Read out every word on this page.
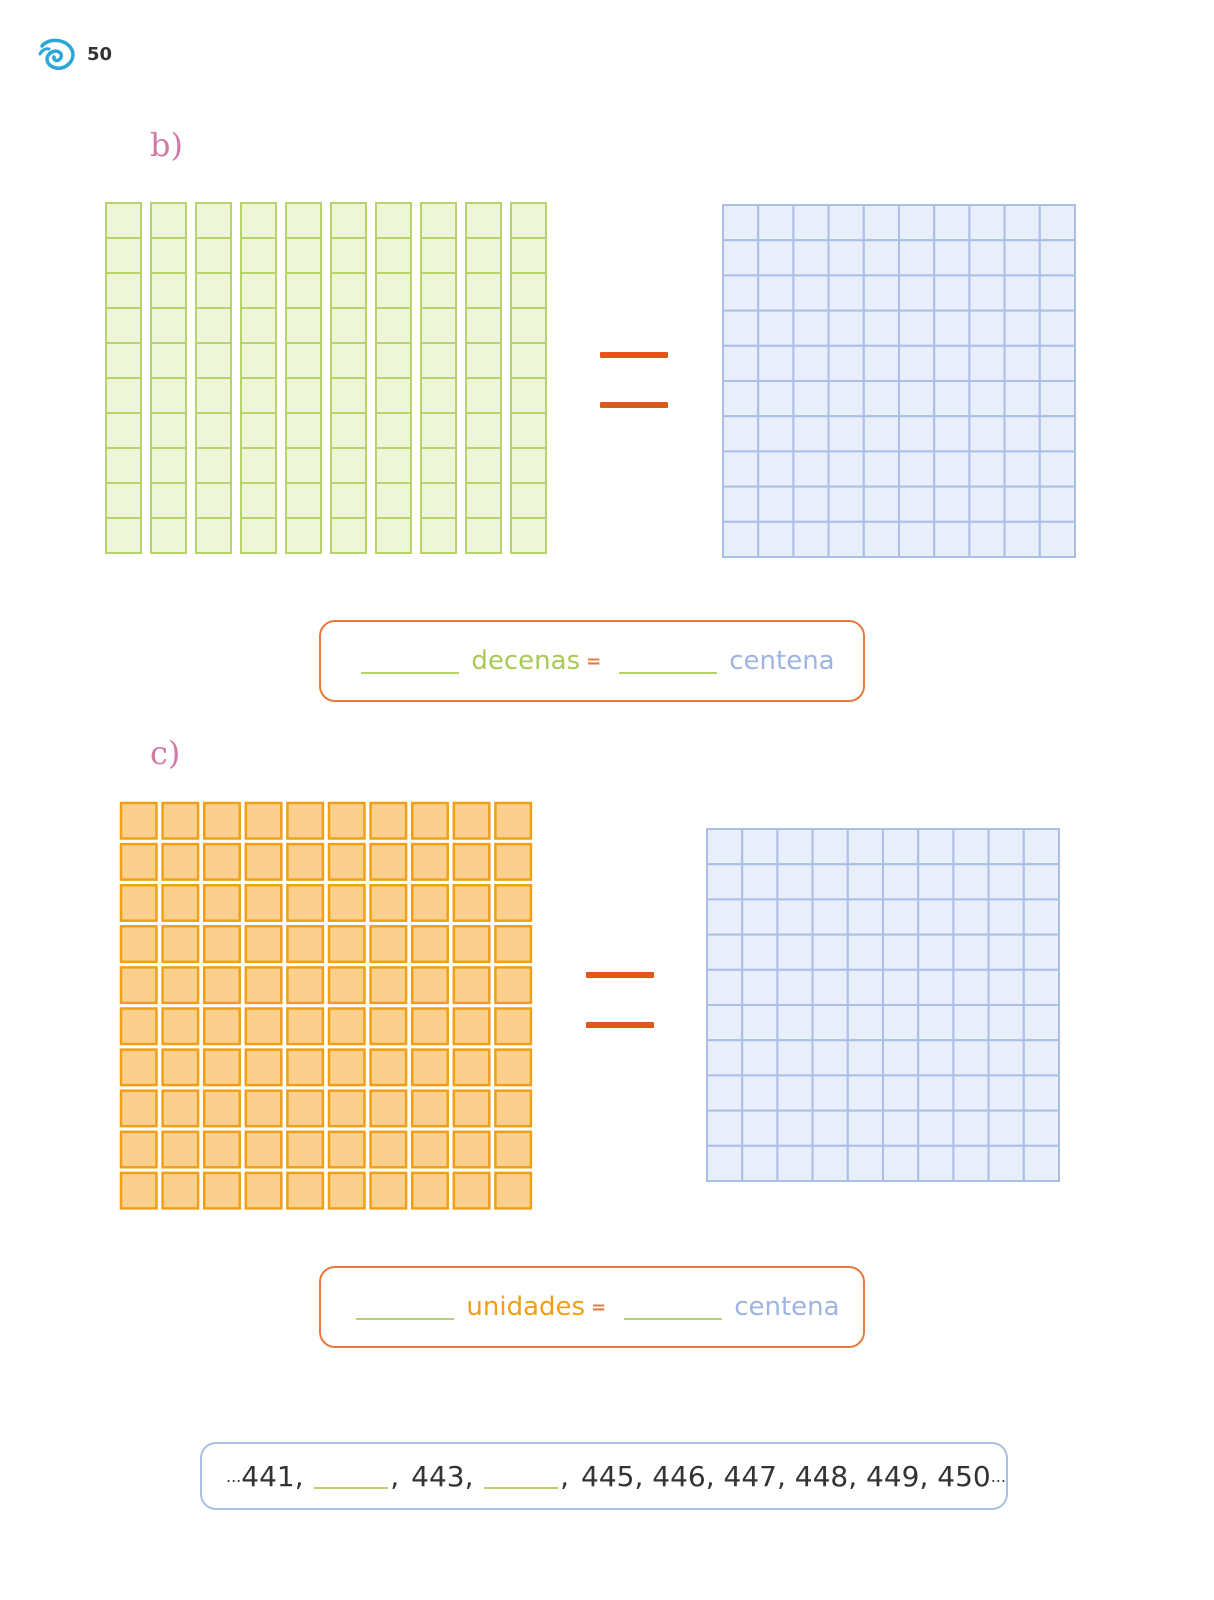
50
b)
decenas =	centena
c)
unidades =	centena
... 441,	, 443,	, 445, 446, 447, 448, 449, 450 ...
